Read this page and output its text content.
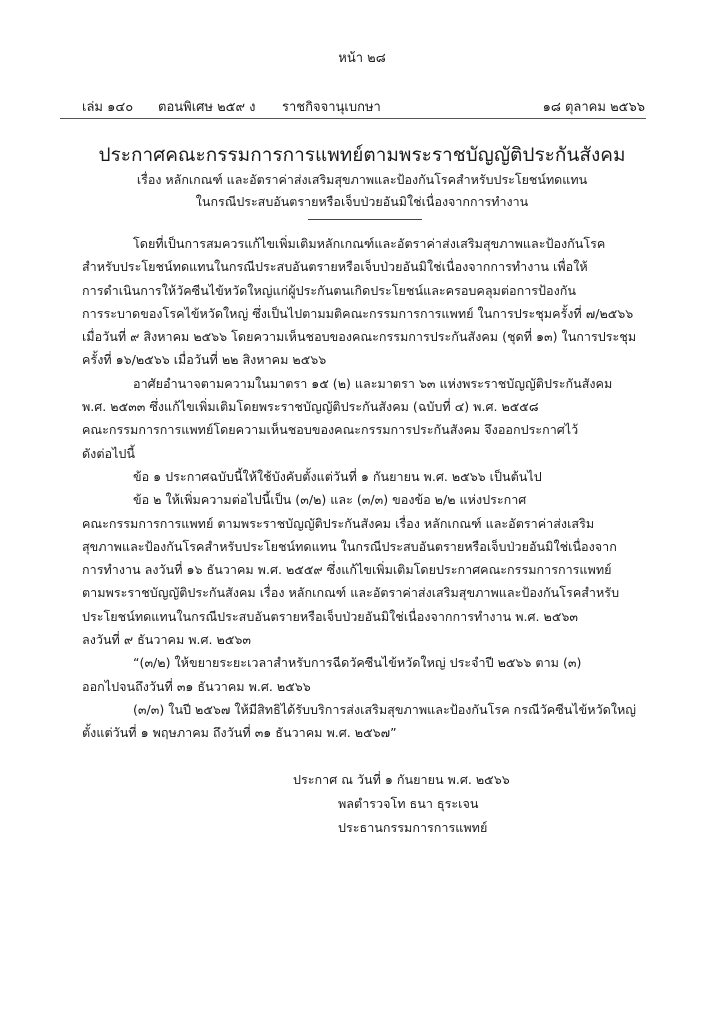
หน้า ๒๘
เล่ม ๑๔๐ ตอนพิเศษ ๒๕๙ ง ราชกิจจานุเบกษา	๑๘ ตุลาคม ๒๕๖๖
ประกาศคณะกรรมการการแพทย์ตามพระราชบัญญัติประกันสังคม
เรื่อง หลักเกณฑ์ และอัตราค่าส่งเสริมสุขภาพและป้องกันโรคสำหรับประโยชน์ทดแทน
ในกรณีประสบอันตรายหรือเจ็บป่วยอันมิใช่เนื่องจากการทำงาน

โดยที่เป็นการสมควรแก้ไขเพิ่มเติมหลักเกณฑ์และอัตราค่าส่งเสริมสุขภาพและป้องกันโรค
สำหรับประโยชน์ทดแทนในกรณีประสบอันตรายหรือเจ็บป่วยอันมิใช่เนื่องจากการทำงาน เพื่อให้
การดำเนินการให้วัคซีนไข้หวัดใหญ่แก่ผู้ประกันตนเกิดประโยชน์และครอบคลุมต่อการป้องกัน
การระบาดของโรคไข้หวัดใหญ่ ซึ่งเป็นไปตามมติคณะกรรมการการแพทย์ ในการประชุมครั้งที่ ๗/๒๕๖๖
เมื่อวันที่ ๙ สิงหาคม ๒๕๖๖ โดยความเห็นชอบของคณะกรรมการประกันสังคม (ชุดที่ ๑๓) ในการประชุม
ครั้งที่ ๑๖/๒๕๖๖ เมื่อวันที่ ๒๒ สิงหาคม ๒๕๖๖

อาศัยอำนาจตามความในมาตรา ๑๕ (๒) และมาตรา ๖๓ แห่งพระราชบัญญัติประกันสังคม
พ.ศ. ๒๕๓๓ ซึ่งแก้ไขเพิ่มเติมโดยพระราชบัญญัติประกันสังคม (ฉบับที่ ๔) พ.ศ. ๒๕๕๘
คณะกรรมการการแพทย์โดยความเห็นชอบของคณะกรรมการประกันสังคม จึงออกประกาศไว้
ดังต่อไปนี้

ข้อ ๑ ประกาศฉบับนี้ให้ใช้บังคับตั้งแต่วันที่ ๑ กันยายน พ.ศ. ๒๕๖๖ เป็นต้นไป

ข้อ ๒ ให้เพิ่มความต่อไปนี้เป็น (๓/๒) และ (๓/๓) ของข้อ ๒/๒ แห่งประกาศ
คณะกรรมการการแพทย์ ตามพระราชบัญญัติประกันสังคม เรื่อง หลักเกณฑ์ และอัตราค่าส่งเสริม
สุขภาพและป้องกันโรคสำหรับประโยชน์ทดแทน ในกรณีประสบอันตรายหรือเจ็บป่วยอันมิใช่เนื่องจาก
การทำงาน ลงวันที่ ๑๖ ธันวาคม พ.ศ. ๒๕๕๙ ซึ่งแก้ไขเพิ่มเติมโดยประกาศคณะกรรมการการแพทย์
ตามพระราชบัญญัติประกันสังคม เรื่อง หลักเกณฑ์ และอัตราค่าส่งเสริมสุขภาพและป้องกันโรคสำหรับ
ประโยชน์ทดแทนในกรณีประสบอันตรายหรือเจ็บป่วยอันมิใช่เนื่องจากการทำงาน พ.ศ. ๒๕๖๓
ลงวันที่ ๙ ธันวาคม พ.ศ. ๒๕๖๓

“(๓/๒) ให้ขยายระยะเวลาสำหรับการฉีดวัคซีนไข้หวัดใหญ่ ประจำปี ๒๕๖๖ ตาม (๓)
ออกไปจนถึงวันที่ ๓๑ ธันวาคม พ.ศ. ๒๕๖๖

(๓/๓) ในปี ๒๕๖๗ ให้มีสิทธิได้รับบริการส่งเสริมสุขภาพและป้องกันโรค กรณีวัคซีนไข้หวัดใหญ่
ตั้งแต่วันที่ ๑ พฤษภาคม ถึงวันที่ ๓๑ ธันวาคม พ.ศ. ๒๕๖๗”

ประกาศ ณ วันที่ ๑ กันยายน พ.ศ. ๒๕๖๖
พลตำรวจโท ธนา ธุระเจน
ประธานกรรมการการแพทย์
